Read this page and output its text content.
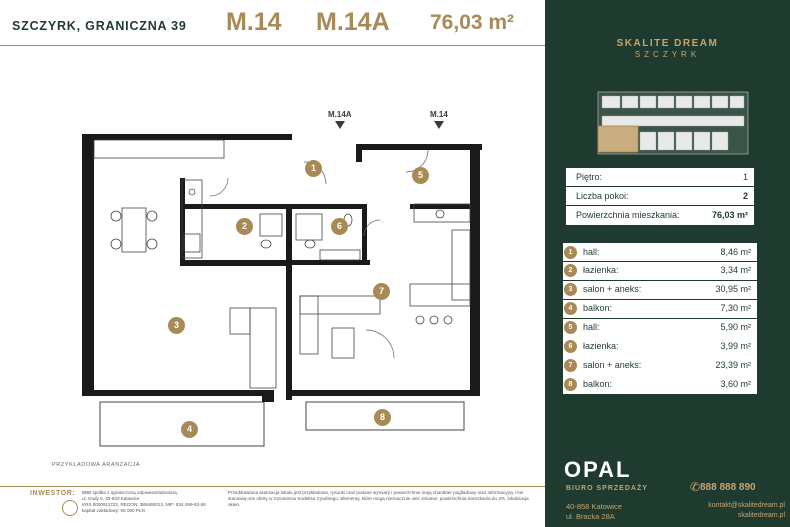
SZCZYRK, GRANICZNA 39 M.14 M.14A 76,03 m²
M.14A	M.14
1
2
3
4
5
6
7
8
PRZYKŁADOWA ARANZACJA
INWESTOR: BBB spółka z ograniczoną odpowiedzialnością
ul. Dudy 5, 40-833 Katowice
KRS 0000911722, REGON: 389460013, NIP: 634-299-92-86
kapitał zakładowy: 65 000 PLN
Przedstawiona aranżacja lokalu jest przykładowa, rysunki oraz podane wymiary i powierzchnie mają charakter poglladowy oraz informacyjny i nie stanowią one oferty w rozumieniu Kodeksu Cywilnego. Elementy, które mogą nieznacznie ulec zmianie: powierzchnia mieszkania do 2%, lokalizacja okien.
SKALITE DREAM
SZCZYRK
N
Piętro:	1
Liczba pokoi:	2
Powierzchnia mieszkania:	76,03 m²
1	hall:	8,46 m²
2	łazienka:	3,34 m²
3	salon + aneks:	30,95 m²
4	balkon:	7,30 m²
5	hall:	5,90 m²
6	łazienka:	3,99 m²
7	salon + aneks:	23,39 m²
8	balkon:	3,60 m²
OPAL
BIURO SPRZEDAŻY	✆ 888 888 890
40-858 Katowice
ul. Bracka 28A
kontakt@skalitedream.pl
skalitedream.pl
